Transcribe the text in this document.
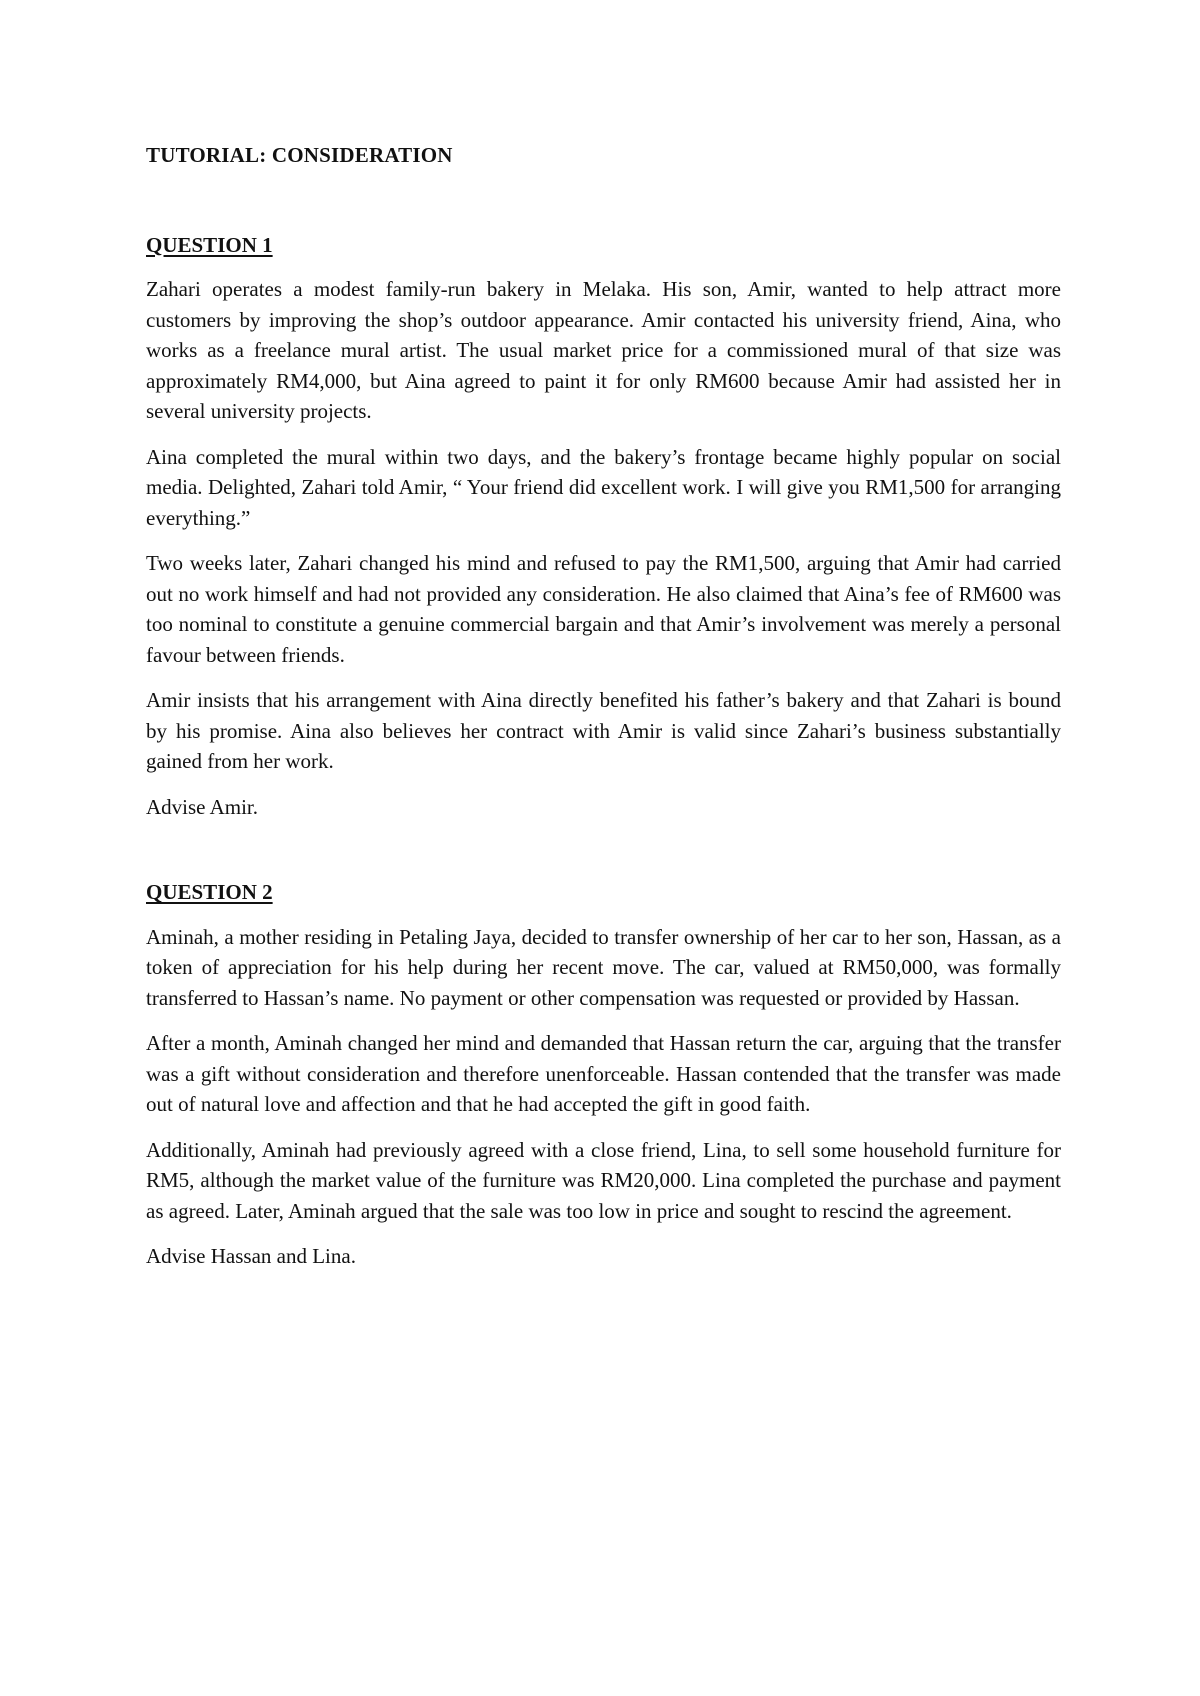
TUTORIAL: CONSIDERATION
QUESTION 1

Zahari operates a modest family-run bakery in Melaka. His son, Amir, wanted to help attract more customers by improving the shop’s outdoor appearance. Amir contacted his university friend, Aina, who works as a freelance mural artist. The usual market price for a commissioned mural of that size was approximately RM4,000, but Aina agreed to paint it for only RM600 because Amir had assisted her in several university projects.

Aina completed the mural within two days, and the bakery’s frontage became highly popular on social media. Delighted, Zahari told Amir, “ Your friend did excellent work. I will give you RM1,500 for arranging everything.”

Two weeks later, Zahari changed his mind and refused to pay the RM1,500, arguing that Amir had carried out no work himself and had not provided any consideration. He also claimed that Aina’s fee of RM600 was too nominal to constitute a genuine commercial bargain and that Amir’s involvement was merely a personal favour between friends.

Amir insists that his arrangement with Aina directly benefited his father’s bakery and that Zahari is bound by his promise. Aina also believes her contract with Amir is valid since Zahari’s business substantially gained from her work.

Advise Amir.

QUESTION 2

Aminah, a mother residing in Petaling Jaya, decided to transfer ownership of her car to her son, Hassan, as a token of appreciation for his help during her recent move. The car, valued at RM50,000, was formally transferred to Hassan’s name. No payment or other compensation was requested or provided by Hassan.

After a month, Aminah changed her mind and demanded that Hassan return the car, arguing that the transfer was a gift without consideration and therefore unenforceable. Hassan contended that the transfer was made out of natural love and affection and that he had accepted the gift in good faith.

Additionally, Aminah had previously agreed with a close friend, Lina, to sell some household furniture for RM5, although the market value of the furniture was RM20,000. Lina completed the purchase and payment as agreed. Later, Aminah argued that the sale was too low in price and sought to rescind the agreement.

Advise Hassan and Lina.
